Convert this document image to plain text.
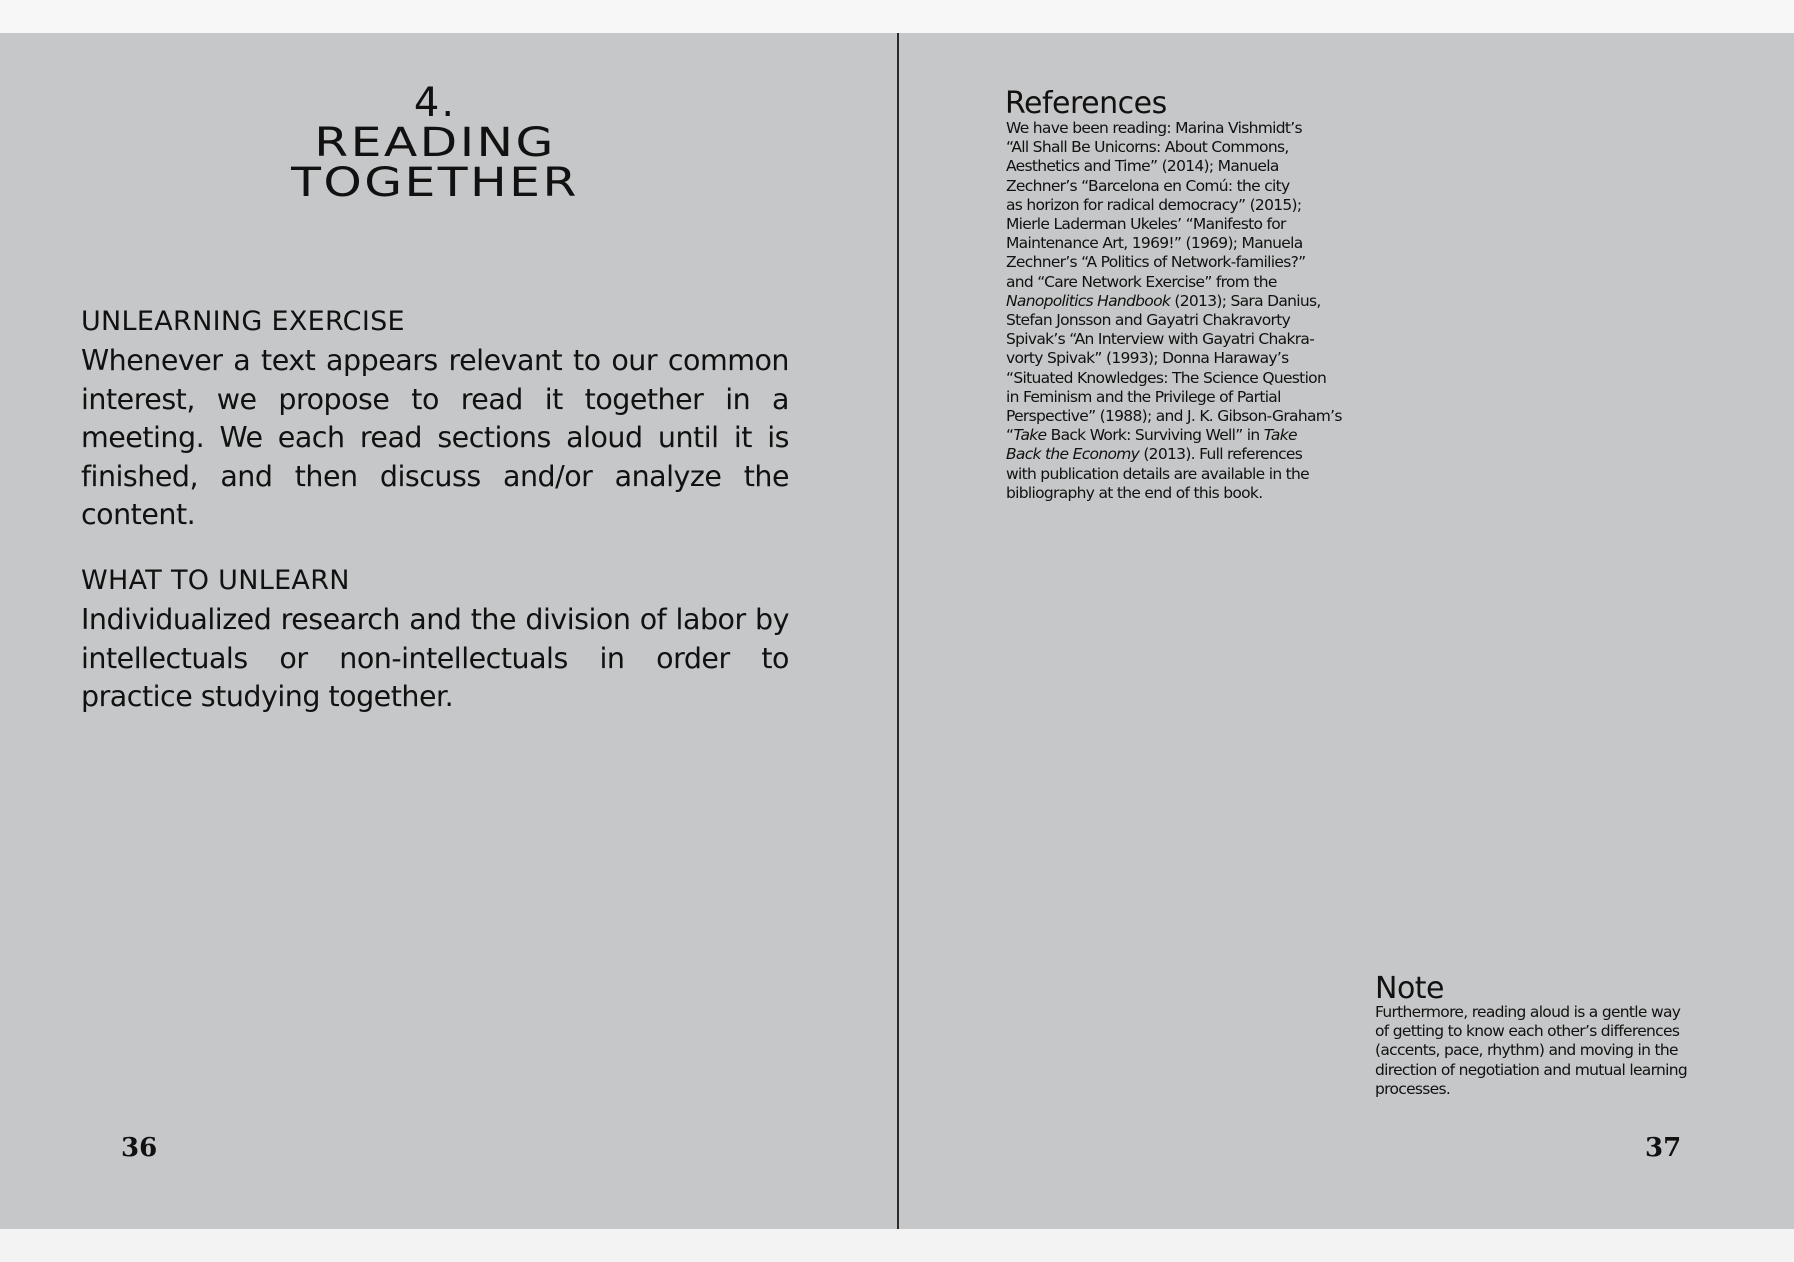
4.
READING
TOGETHER
UNLEARNING EXERCISE

Whenever a text appears relevant to our common interest, we propose to read it together in a meeting. We each read sections aloud until it is finished, and then discuss and/or analyze the content.

WHAT TO UNLEARN

Individualized research and the division of labor by intellectuals or non-intellectuals in order to practice studying together.

36

References

We have been reading: Marina Vishmidt’s
“All Shall Be Unicorns: About Commons,
Aesthetics and Time” (2014); Manuela
Zechner’s “Barcelona en Comú: the city
as horizon for radical democracy” (2015);
Mierle Laderman Ukeles’ “Manifesto for
Maintenance Art, 1969!” (1969); Manuela
Zechner’s “A Politics of Network-families?”
and “Care Network Exercise” from the
Nanopolitics Handbook (2013); Sara Danius,
Stefan Jonsson and Gayatri Chakravorty
Spivak’s “An Interview with Gayatri Chakra-
vorty Spivak” (1993); Donna Haraway’s
“Situated Knowledges: The Science Question
in Feminism and the Privilege of Partial
Perspective” (1988); and J. K. Gibson-Graham’s
“Take Back Work: Surviving Well” in Take
Back the Economy (2013). Full references
with publication details are available in the
bibliography at the end of this book.

Note

Furthermore, reading aloud is a gentle way
of getting to know each other’s differences
(accents, pace, rhythm) and moving in the
direction of negotiation and mutual learning
processes.

37
